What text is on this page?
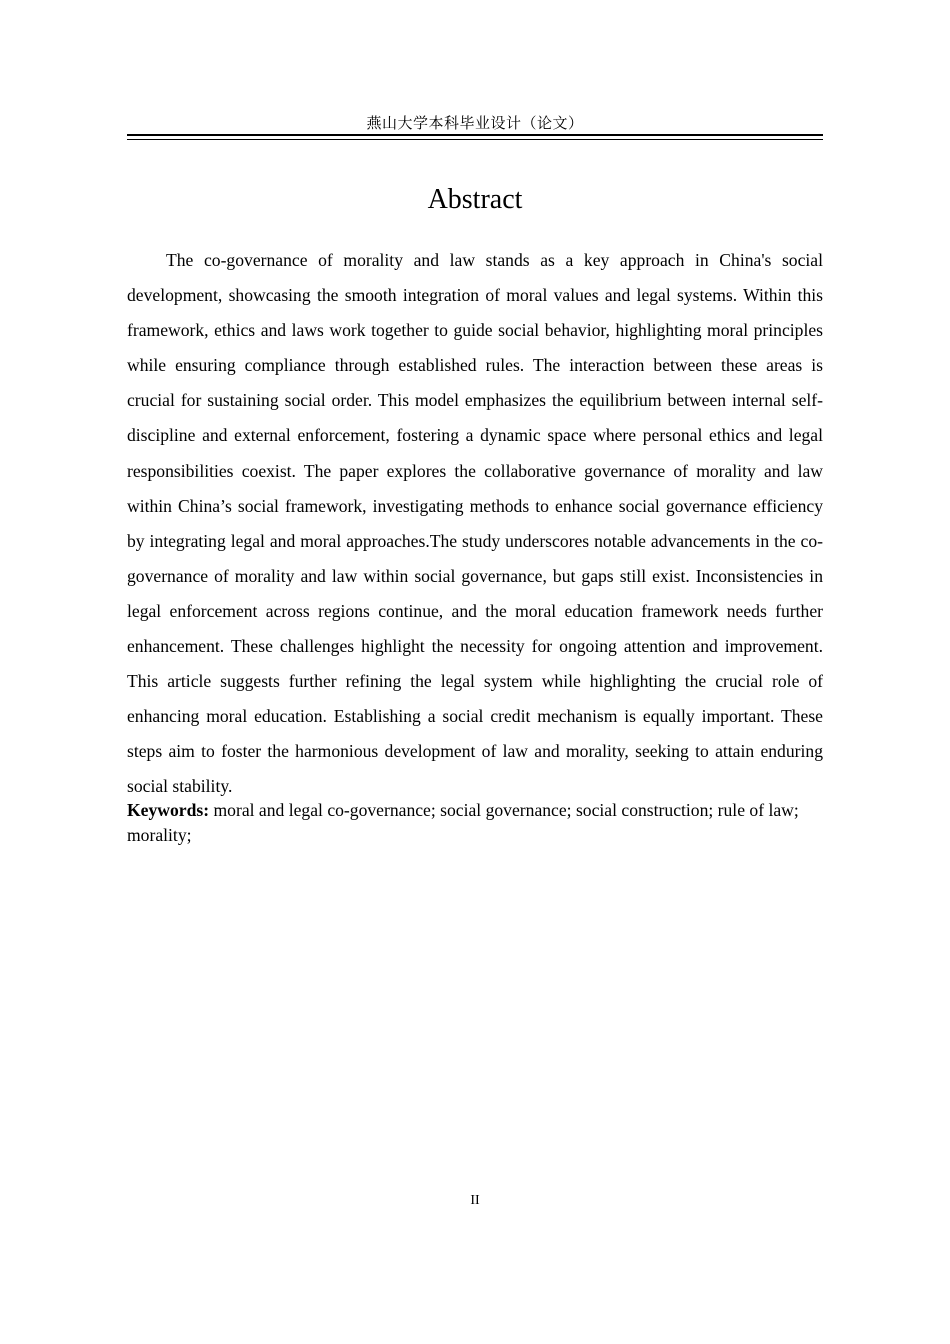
燕山大学本科毕业设计（论文）
Abstract

The co-governance of morality and law stands as a key approach in China's social development, showcasing the smooth integration of moral values and legal systems. Within this framework, ethics and laws work together to guide social behavior, highlighting moral principles while ensuring compliance through established rules. The interaction between these areas is crucial for sustaining social order. This model emphasizes the equilibrium between internal self-discipline and external enforcement, fostering a dynamic space where personal ethics and legal responsibilities coexist. The paper explores the collaborative governance of morality and law within China’s social framework, investigating methods to enhance social governance efficiency by integrating legal and moral approaches.The study underscores notable advancements in the co-governance of morality and law within social governance, but gaps still exist. Inconsistencies in legal enforcement across regions continue, and the moral education framework needs further enhancement. These challenges highlight the necessity for ongoing attention and improvement. This article suggests further refining the legal system while highlighting the crucial role of enhancing moral education. Establishing a social credit mechanism is equally important. These steps aim to foster the harmonious development of law and morality, seeking to attain enduring social stability.

Keywords: moral and legal co-governance; social governance; social construction; rule of law; morality;

II
